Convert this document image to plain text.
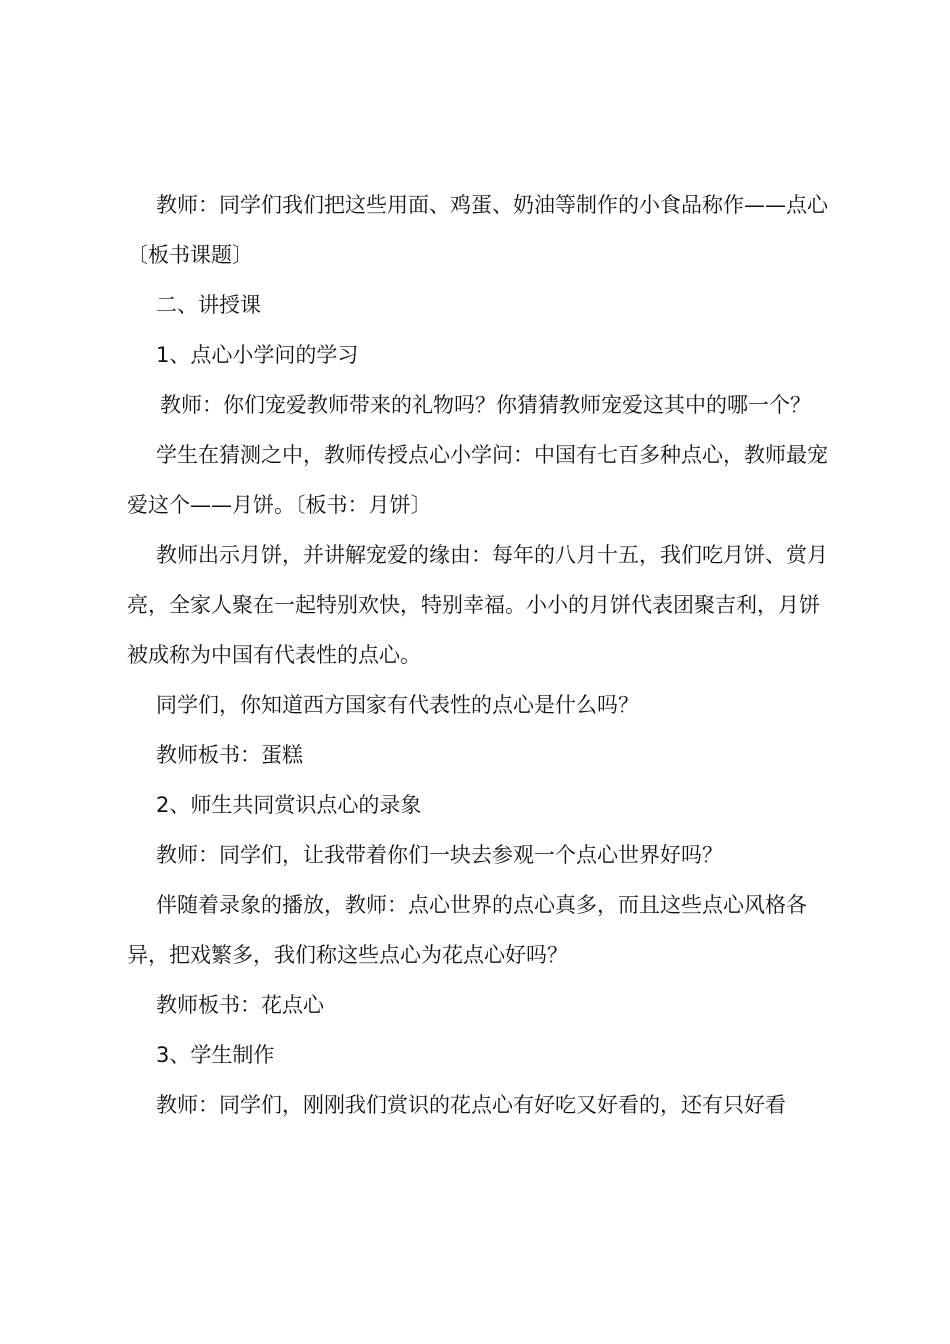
教师：同学们我们把这些用面、鸡蛋、奶油等制作的小食品称作——点心〔板书课题〕

二、讲授课

1、点心小学问的学习

教师：你们宠爱教师带来的礼物吗？你猜猜教师宠爱这其中的哪一个？

学生在猜测之中，教师传授点心小学问：中国有七百多种点心，教师最宠爱这个——月饼。〔板书：月饼〕

教师出示月饼，并讲解宠爱的缘由：每年的八月十五，我们吃月饼、赏月亮，全家人聚在一起特别欢快，特别幸福。小小的月饼代表团聚吉利，月饼被成称为中国有代表性的点心。

同学们，你知道西方国家有代表性的点心是什么吗？

教师板书：蛋糕

2、师生共同赏识点心的录象

教师：同学们，让我带着你们一块去参观一个点心世界好吗？

伴随着录象的播放，教师：点心世界的点心真多，而且这些点心风格各异，把戏繁多，我们称这些点心为花点心好吗？

教师板书：花点心

3、学生制作

教师：同学们，刚刚我们赏识的花点心有好吃又好看的，还有只好看
